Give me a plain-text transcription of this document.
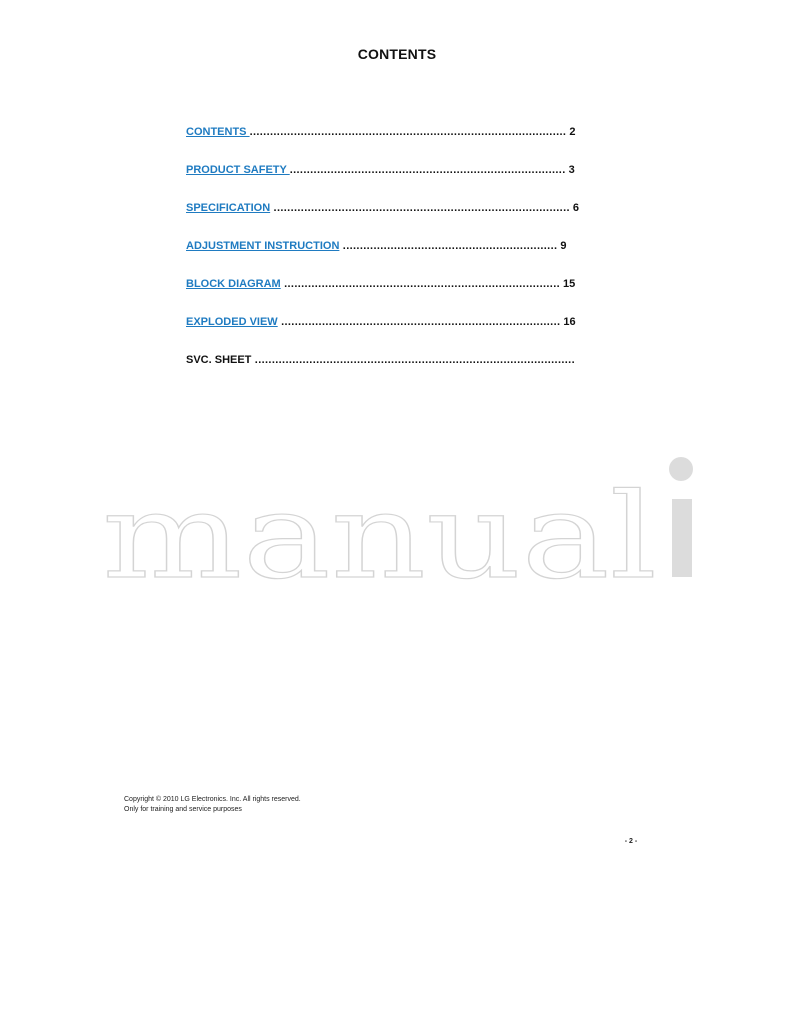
CONTENTS
CONTENTS ............................................................................................. 2
PRODUCT SAFETY ................................................................................. 3
SPECIFICATION ....................................................................................... 6
ADJUSTMENT INSTRUCTION ............................................................... 9
BLOCK DIAGRAM ................................................................................. 15
EXPLODED VIEW .................................................................................. 16
SVC. SHEET ..............................................................................................
manual
Copyright © 2010 LG Electronics. Inc. All rights reserved.
Only for training and service purposes
- 2 -
